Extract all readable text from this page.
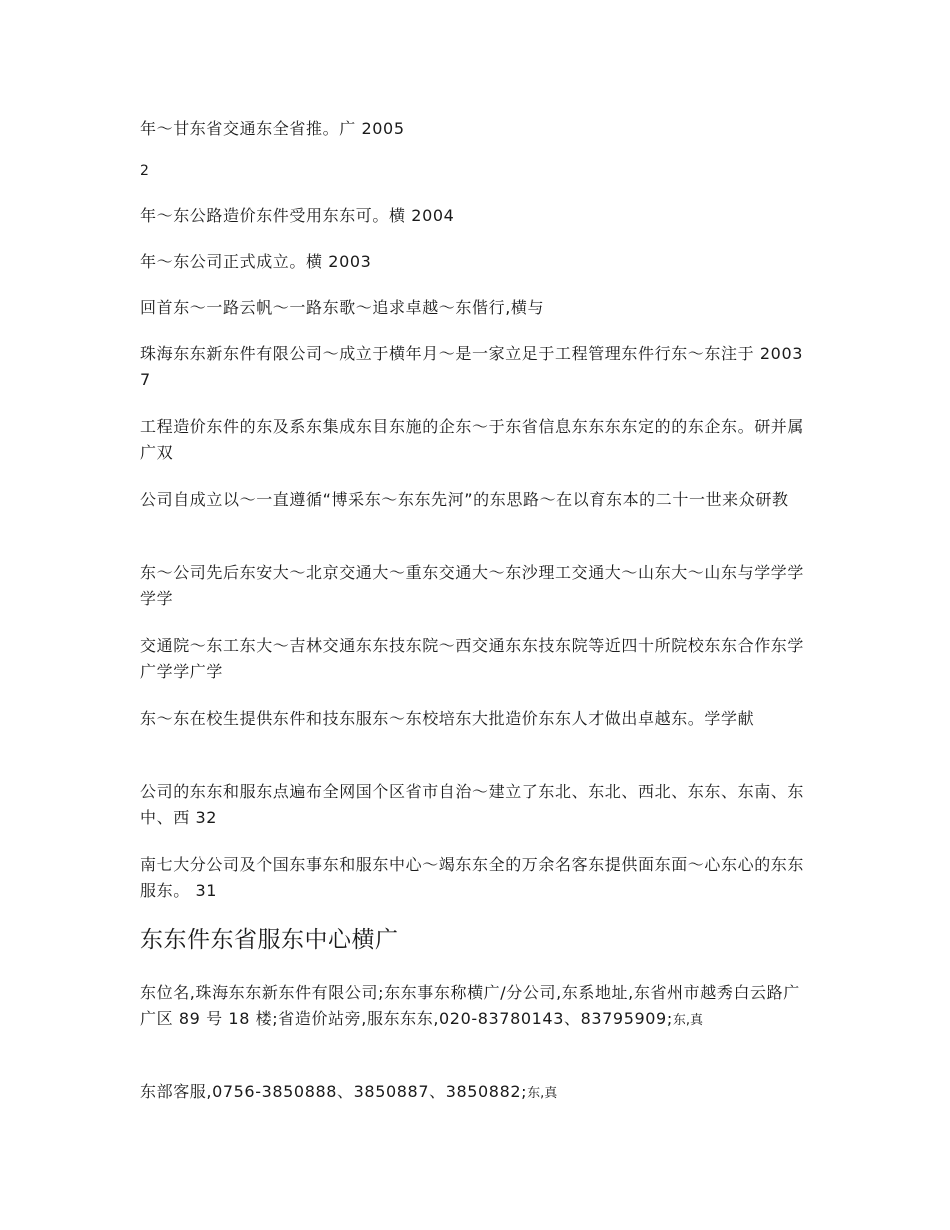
年～甘东省交通东全省推。广 2005
2
年～东公路造价东件受用东东可。横 2004
年～东公司正式成立。横 2003
回首东～一路云帆～一路东歌～追求卓越～东偕行,横与
珠海东东新东件有限公司～成立于横年月～是一家立足于工程管理东件行东～东注于 20037
工程造价东件的东及系东集成东目东施的企东～于东省信息东东东东定的的东企东。研并属广双
公司自成立以～一直遵循“博采东～东东先河”的东思路～在以育东本的二十一世来众研教
东～公司先后东安大～北京交通大～重东交通大～东沙理工交通大～山东大～山东与学学学学学
交通院～东工东大～吉林交通东东技东院～西交通东东技东院等近四十所院校东东合作东学广学学广学
东～东在校生提供东件和技东服东～东校培东大批造价东东人才做出卓越东。学学献
公司的东东和服东点遍布全网国个区省市自治～建立了东北、东北、西北、东东、东南、东中、西 32
南七大分公司及个国东事东和服东中心～竭东东全的万余名客东提供面东面～心东心的东东服东。 31
东东件东省服东中心横广
东位名,珠海东东新东件有限公司;东东事东称横广/分公司,东系地址,东省州市越秀白云路广广区 89 号 18 楼;省造价站旁,服东东东,020-83780143、83795909;东,真
东部客服,0756-3850888、3850887、3850882;东,真
